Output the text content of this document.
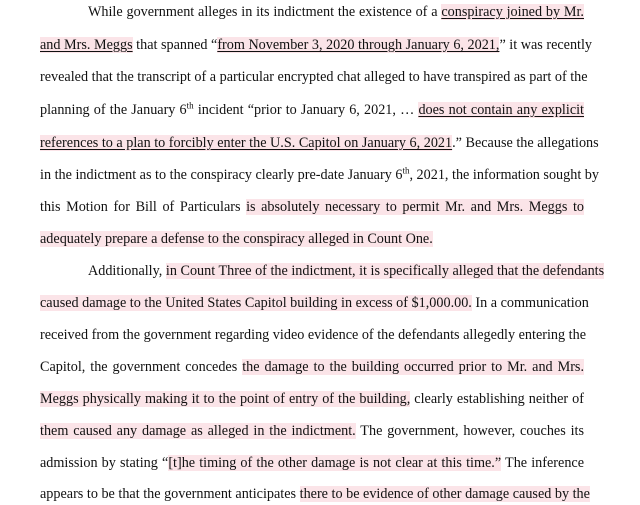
While government alleges in its indictment the existence of a conspiracy joined by Mr.
and Mrs. Meggs that spanned “from November 3, 2020 through January 6, 2021,” it was recently
revealed that the transcript of a particular encrypted chat alleged to have transpired as part of the
planning of the January 6th incident “prior to January 6, 2021, … does not contain any explicit
references to a plan to forcibly enter the U.S. Capitol on January 6, 2021.” Because the allegations
in the indictment as to the conspiracy clearly pre-date January 6th, 2021, the information sought by
this Motion for Bill of Particulars is absolutely necessary to permit Mr. and Mrs. Meggs to
adequately prepare a defense to the conspiracy alleged in Count One.
Additionally, in Count Three of the indictment, it is specifically alleged that the defendants
caused damage to the United States Capitol building in excess of $1,000.00. In a communication
received from the government regarding video evidence of the defendants allegedly entering the
Capitol, the government concedes the damage to the building occurred prior to Mr. and Mrs.
Meggs physically making it to the point of entry of the building, clearly establishing neither of
them caused any damage as alleged in the indictment. The government, however, couches its
admission by stating “[t]he timing of the other damage is not clear at this time.” The inference
appears to be that the government anticipates there to be evidence of other damage caused by the
